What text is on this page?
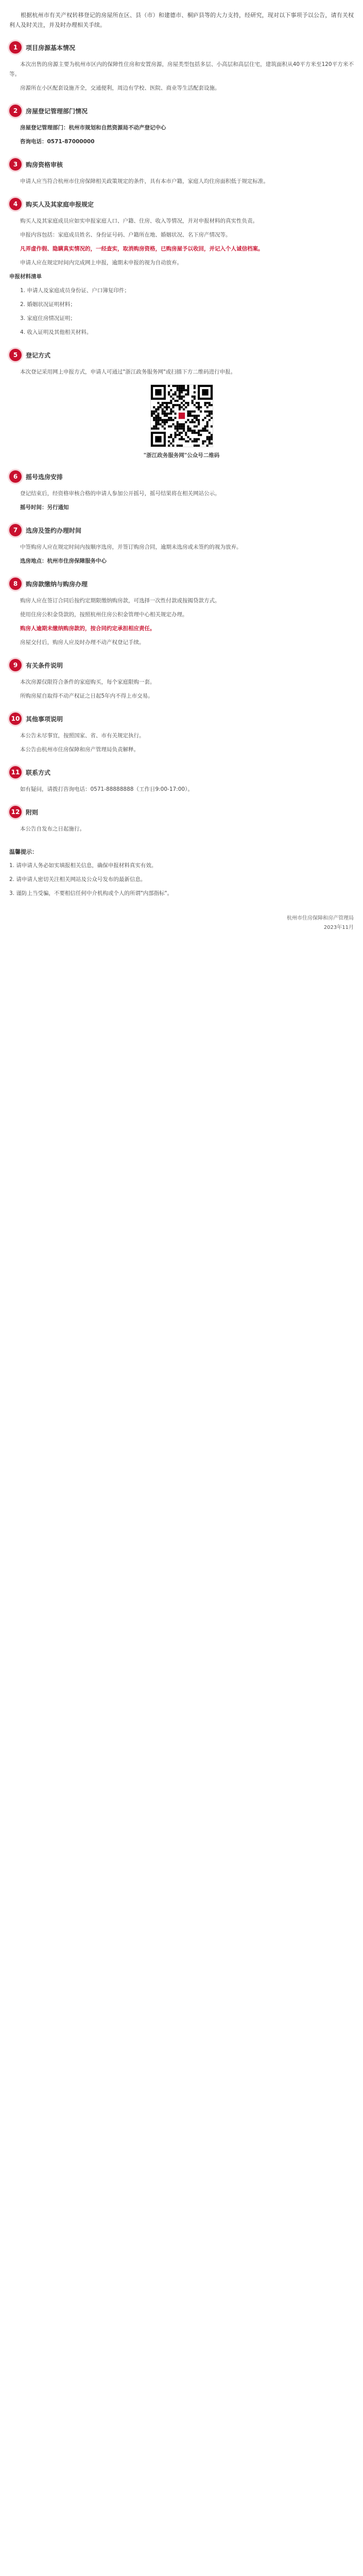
根据杭州市有关产权转移登记的房屋所在区、县（市）和建德市、桐庐县等的大力支持，经研究，现对以下事项予以公告，请有关权利人及时关注，并及时办理相关手续。

1	项目房源基本情况

本次出售的房源主要为杭州市区内的保障性住房和安置房源，房屋类型包括多层、小高层和高层住宅，建筑面积从40平方米至120平方米不等。

房源所在小区配套设施齐全，交通便利，周边有学校、医院、商业等生活配套设施。

2	房屋登记管理部门情况

房屋登记管理部门：杭州市规划和自然资源局不动产登记中心

咨询电话：0571-87000000

3	购房资格审核

申请人应当符合杭州市住房保障相关政策规定的条件，具有本市户籍，家庭人均住房面积低于规定标准。

4	购买人及其家庭申报规定

购买人及其家庭成员应如实申报家庭人口、户籍、住房、收入等情况，并对申报材料的真实性负责。

申报内容包括：家庭成员姓名、身份证号码、户籍所在地、婚姻状况、名下房产情况等。

凡弄虚作假、隐瞒真实情况的，一经查实，取消购房资格，已购房屋予以收回，并记入个人诚信档案。

申请人应在规定时间内完成网上申报，逾期未申报的视为自动放弃。

申报材料清单

1. 申请人及家庭成员身份证、户口簿复印件；

2. 婚姻状况证明材料；

3. 家庭住房情况证明；

4. 收入证明及其他相关材料。

5	登记方式

本次登记采用网上申报方式，申请人可通过"浙江政务服务网"或扫描下方二维码进行申报。

"浙江政务服务网"公众号二维码
6	摇号选房安排

登记结束后，经资格审核合格的申请人参加公开摇号，摇号结果将在相关网站公示。

摇号时间：另行通知

7	选房及签约办理时间

中签购房人应在规定时间内按顺序选房，并签订购房合同，逾期未选房或未签约的视为放弃。

选房地点：杭州市住房保障服务中心

8	购房款缴纳与购房办理

购房人应在签订合同后按约定期限缴纳购房款，可选择一次性付款或按揭贷款方式。

使用住房公积金贷款的，按照杭州住房公积金管理中心相关规定办理。

购房人逾期未缴纳购房款的，按合同约定承担相应责任。

房屋交付后，购房人应及时办理不动产权登记手续。

9	有关条件说明

本次房源仅限符合条件的家庭购买，每个家庭限购一套。

所购房屋自取得不动产权证之日起5年内不得上市交易。

10 其他事项说明

本公告未尽事宜，按照国家、省、市有关规定执行。

本公告由杭州市住房保障和房产管理局负责解释。

11 联系方式

如有疑问，请拨打咨询电话：0571-88888888（工作日9:00-17:00）。

12 附则

本公告自发布之日起施行。

温馨提示：

1. 请申请人务必如实填报相关信息，确保申报材料真实有效。

2. 请申请人密切关注相关网站及公众号发布的最新信息。

3. 谨防上当受骗，不要相信任何中介机构或个人的所谓"内部指标"。

杭州市住房保障和房产管理局
2023年11月
